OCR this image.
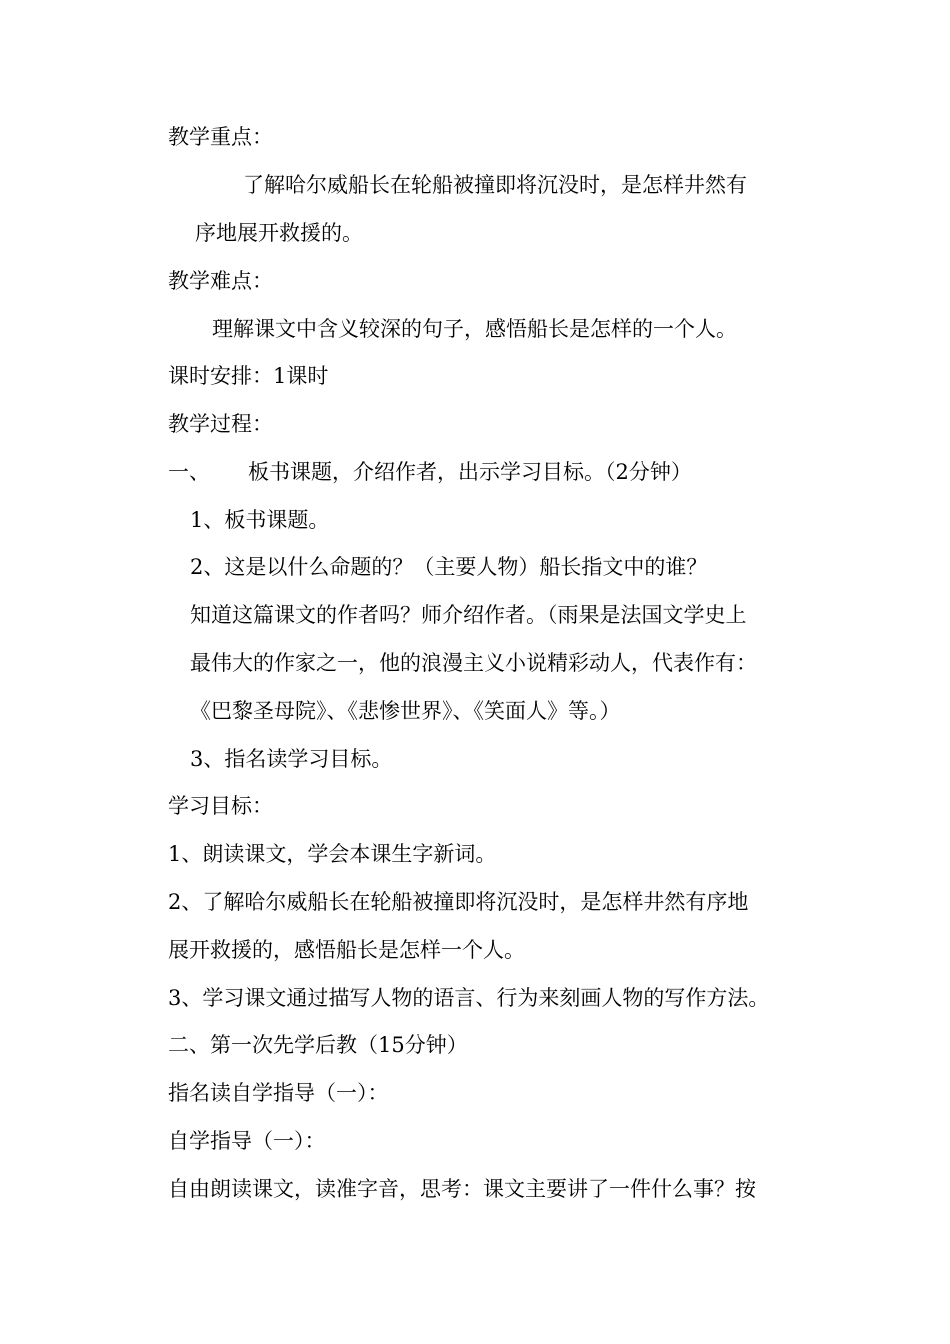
教学重点：
了解哈尔威船长在轮船被撞即将沉没时，是怎样井然有
序地展开救援的。
教学难点：
理解课文中含义较深的句子，感悟船长是怎样的一个人。
课时安排：1课时
教学过程：
一、 板书课题，介绍作者，出示学习目标。（2分钟）
1、板书课题。
2、这是以什么命题的？（主要人物）船长指文中的谁？
知道这篇课文的作者吗？师介绍作者。（雨果是法国文学史上
最伟大的作家之一，他的浪漫主义小说精彩动人，代表作有：
《巴黎圣母院》、《悲惨世界》、《笑面人》等。）
3、指名读学习目标。
学习目标：
1、朗读课文，学会本课生字新词。
2、了解哈尔威船长在轮船被撞即将沉没时，是怎样井然有序地
展开救援的，感悟船长是怎样一个人。
3、学习课文通过描写人物的语言、行为来刻画人物的写作方法。
二、第一次先学后教（15分钟）
指名读自学指导（一）：
自学指导（一）：
自由朗读课文，读准字音，思考：课文主要讲了一件什么事？按
